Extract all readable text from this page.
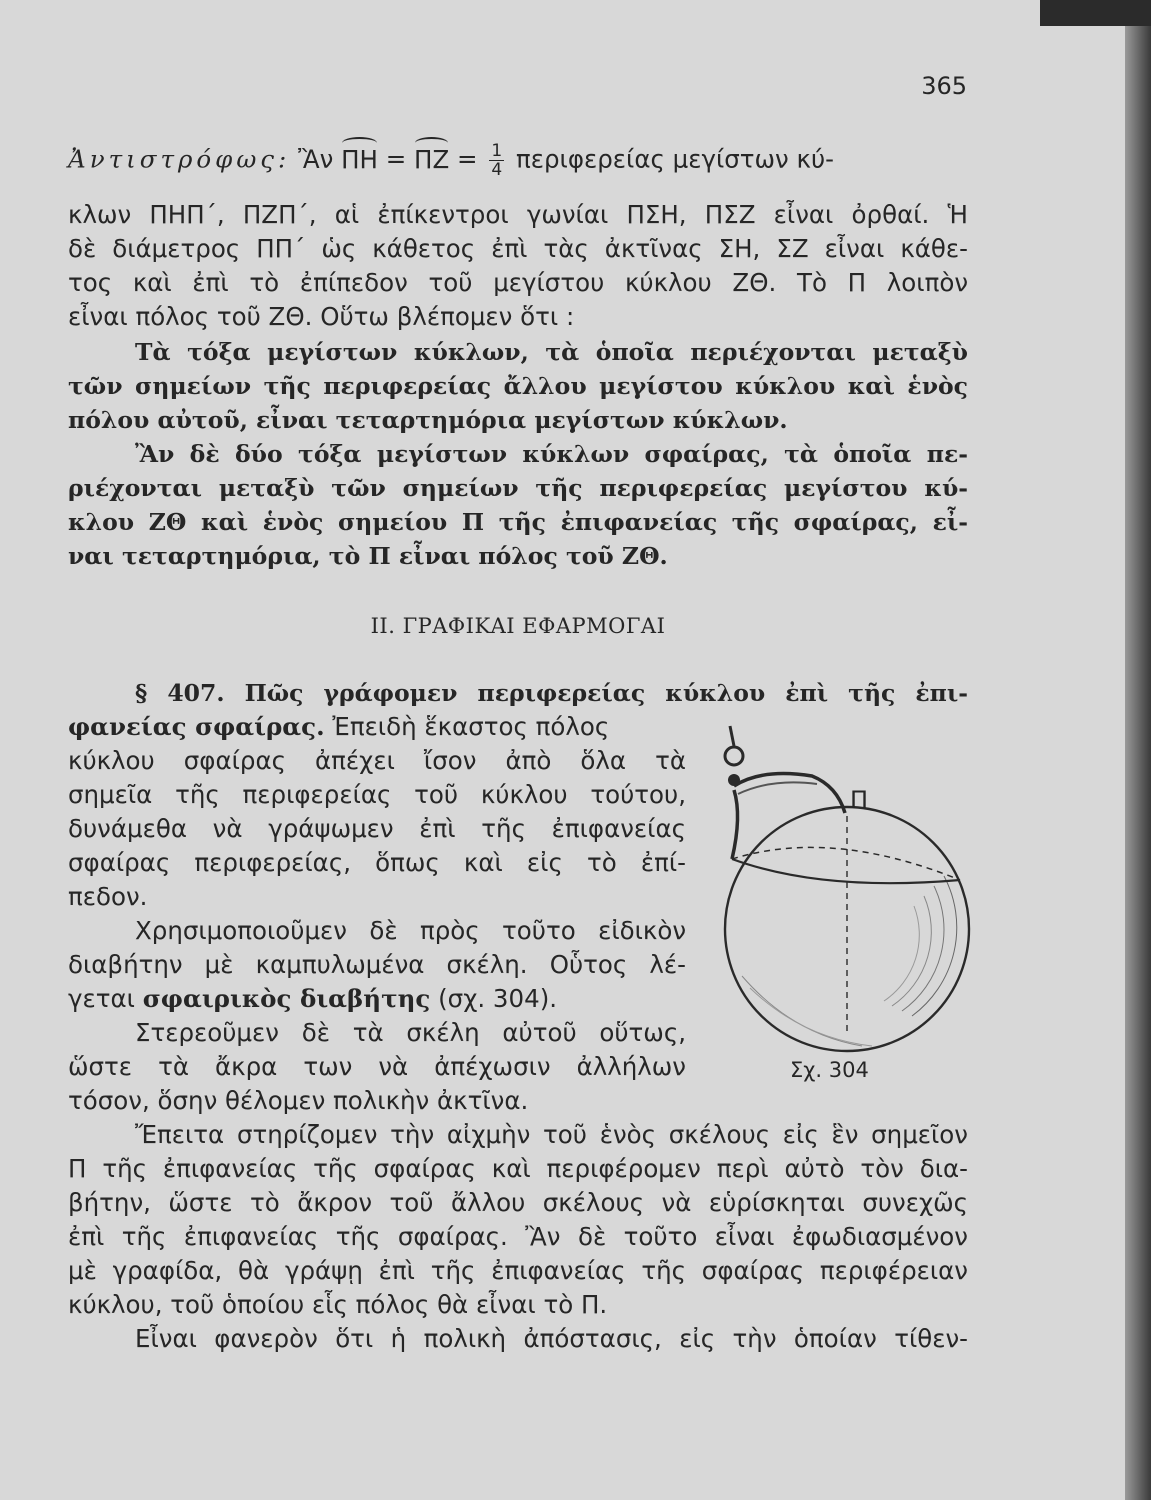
365
Ἀντιστρόφως: Ἂν $\Pi H = \Pi Z = \frac{1}{4}$ περιφερείας μεγίστων κύ-
κλων ΠΗΠ΄, ΠΖΠ΄, αἱ ἐπίκεντροι γωνίαι ΠΣΗ, ΠΣΖ εἶναι ὀρθαί. Ἡ
δὲ διάμετρος ΠΠ΄ ὡς κάθετος ἐπὶ τὰς ἀκτῖνας ΣΗ, ΣΖ εἶναι κάθε-
τος καὶ ἐπὶ τὸ ἐπίπεδον τοῦ μεγίστου κύκλου ΖΘ. Τὸ Π λοιπὸν
εἶναι πόλος τοῦ ΖΘ. Οὕτω βλέπομεν ὅτι :
Τὰ τόξα μεγίστων κύκλων, τὰ ὁποῖα περιέχονται μεταξὺ
τῶν σημείων τῆς περιφερείας ἄλλου μεγίστου κύκλου καὶ ἑνὸς
πόλου αὐτοῦ, εἶναι τεταρτημόρια μεγίστων κύκλων.
Ἂν δὲ δύο τόξα μεγίστων κύκλων σφαίρας, τὰ ὁποῖα πε-
ριέχονται μεταξὺ τῶν σημείων τῆς περιφερείας μεγίστου κύ-
κλου ΖΘ καὶ ἑνὸς σημείου Π τῆς ἐπιφανείας τῆς σφαίρας, εἶ-
ναι τεταρτημόρια, τὸ Π εἶναι πόλος τοῦ ΖΘ.
ΙΙ. ΓΡΑΦΙΚΑΙ ΕΦΑΡΜΟΓΑΙ
§ 407. Πῶς γράφομεν περιφερείας κύκλου ἐπὶ τῆς ἐπι-
φανείας σφαίρας. Ἐπειδὴ ἕκαστος πόλος
κύκλου σφαίρας ἀπέχει ἴσον ἀπὸ ὅλα τὰ
σημεῖα τῆς περιφερείας τοῦ κύκλου τούτου,
δυνάμεθα νὰ γράψωμεν ἐπὶ τῆς ἐπιφανείας
σφαίρας περιφερείας, ὅπως καὶ εἰς τὸ ἐπί-
πεδον.
Χρησιμοποιοῦμεν δὲ πρὸς τοῦτο εἰδικὸν
διαβήτην μὲ καμπυλωμένα σκέλη. Οὗτος λέ-
γεται σφαιρικὸς διαβήτης (σχ. 304).
Στερεοῦμεν δὲ τὰ σκέλη αὐτοῦ οὕτως,
ὥστε τὰ ἄκρα των νὰ ἀπέχωσιν ἀλλήλων
τόσον, ὅσην θέλομεν πολικὴν ἀκτῖνα.
Ἔπειτα στηρίζομεν τὴν αἰχμὴν τοῦ ἑνὸς σκέλους εἰς ἓν σημεῖον
Π τῆς ἐπιφανείας τῆς σφαίρας καὶ περιφέρομεν περὶ αὐτὸ τὸν δια-
βήτην, ὥστε τὸ ἄκρον τοῦ ἄλλου σκέλους νὰ εὑρίσκηται συνεχῶς
ἐπὶ τῆς ἐπιφανείας τῆς σφαίρας. Ἂν δὲ τοῦτο εἶναι ἐφωδιασμένον
μὲ γραφίδα, θὰ γράψῃ ἐπὶ τῆς ἐπιφανείας τῆς σφαίρας περιφέρειαν
κύκλου, τοῦ ὁποίου εἷς πόλος θὰ εἶναι τὸ Π.
Εἶναι φανερὸν ὅτι ἡ πολικὴ ἀπόστασις, εἰς τὴν ὁποίαν τίθεν-
Π
Σχ. 304
